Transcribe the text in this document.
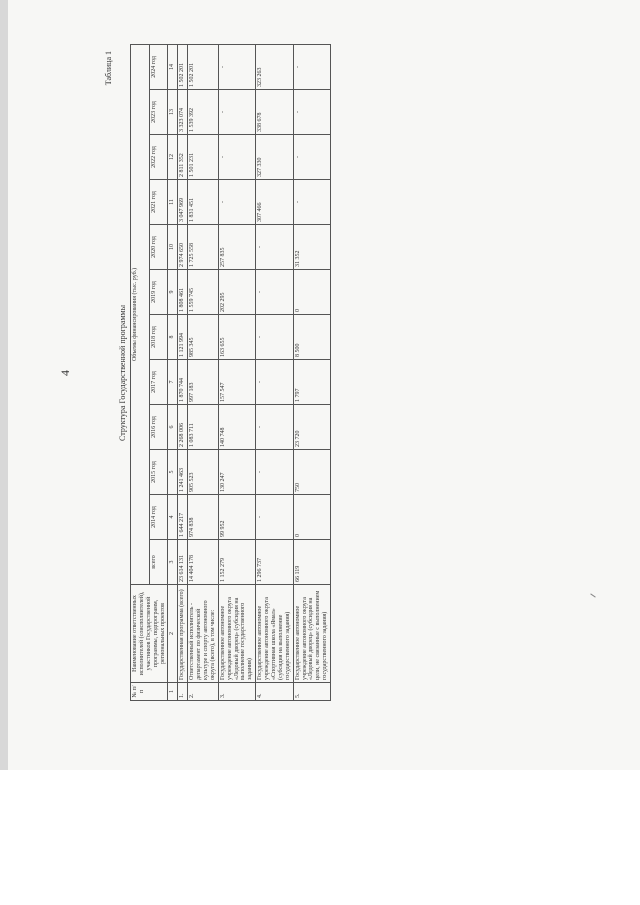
4
Таблица 1
Структура Государственной программы
№ п/п	Наименование ответственных исполнителей (соисполнителей), участников Государственной программы, подпрограмм, региональных проектов	Объемы финансирования (тыс. руб.)											
		всего	2014 год	2015 год	2016 год	2017 год	2018 год	2019 год	2020 год	2021 год	2022 год	2023 год	2024 год
1	2	3	4	5	6	7	8	9	10	11	12	13	14
1.	Государственная программа (всего)	23 614 131	1 644 217	1 241 463	2 268 006	1 870 744	1 121 994	1 808 461	2 974 650	3 047 969	2 811 352	3 323 074	1 502 201
2.	Ответственный исполнитель - департамент по физической культуре и спорту автономного округа (всего), в том числе:	14 404 178	974 838	905 523	1 083 711	997 183	985 345	1 559 745	1 725 558	1 831 451	1 501 231	1 539 392	1 502 201
3.	Государственное автономное учреждение автономного округа «Ледовый дворец» (субсидия на выполнение государственного задания)	1 152 279	99 952	130 247	140 748	157 547	163 655	202 295	257 835	-	-	-	-
4.	Государственное автономное учреждение автономного округа «Спортивная школа «Ямал» (субсидия на выполнение государственного задания)	1 296 737	-	-	-	-	-	-	-	307 466	327 330	338 678	323 263
5.	Государственное автономное учреждение автономного округа «Ледовый дворец» (субсидия на цели, не связанные с выполнением государственного задания)	66 119	0	750	23 720	1 797	8 500	0	31 352	-	-	-	-
